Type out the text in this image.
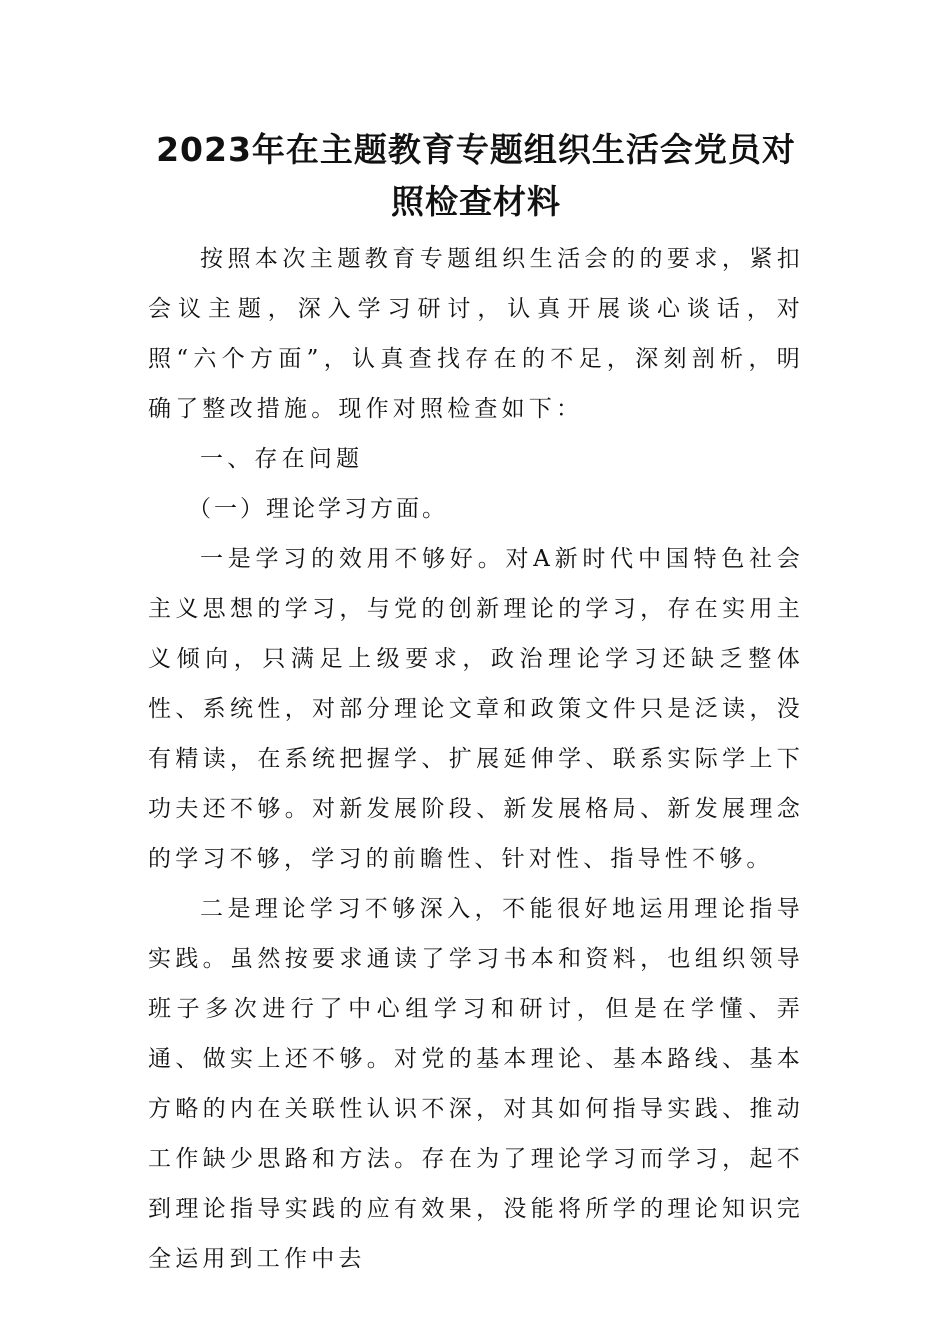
2023年在主题教育专题组织生活会党员对
照检查材料

按照本次主题教育专题组织生活会的的要求，紧扣会议主题，深入学习研讨，认真开展谈心谈话，对照“六个方面”，认真查找存在的不足，深刻剖析，明确了整改措施。现作对照检查如下：

一、存在问题

（一）理论学习方面。

一是学习的效用不够好。对A新时代中国特色社会主义思想的学习，与党的创新理论的学习，存在实用主义倾向，只满足上级要求，政治理论学习还缺乏整体性、系统性，对部分理论文章和政策文件只是泛读，没有精读，在系统把握学、扩展延伸学、联系实际学上下功夫还不够。对新发展阶段、新发展格局、新发展理念的学习不够，学习的前瞻性、针对性、指导性不够。

二是理论学习不够深入，不能很好地运用理论指导实践。虽然按要求通读了学习书本和资料，也组织领导班子多次进行了中心组学习和研讨，但是在学懂、弄通、做实上还不够。对党的基本理论、基本路线、基本方略的内在关联性认识不深，对其如何指导实践、推动工作缺少思路和方法。存在为了理论学习而学习，起不到理论指导实践的应有效果，没能将所学的理论知识完全运用到工作中去
